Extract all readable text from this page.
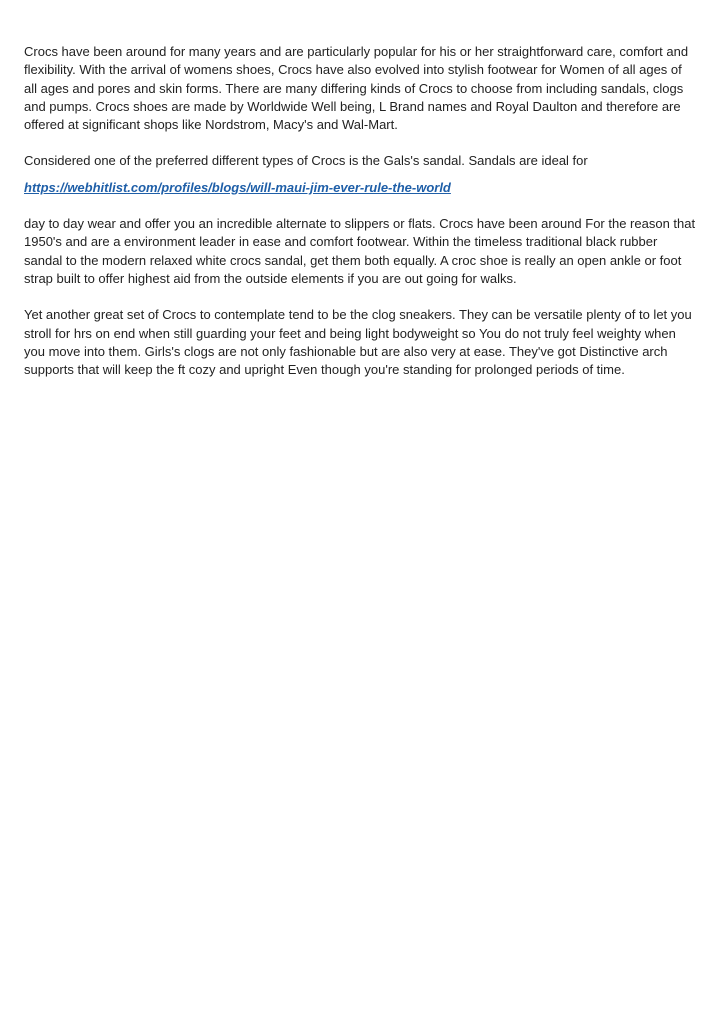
Crocs have been around for many years and are particularly popular for his or her straightforward care, comfort and flexibility. With the arrival of womens shoes, Crocs have also evolved into stylish footwear for Women of all ages of all ages and pores and skin forms. There are many differing kinds of Crocs to choose from including sandals, clogs and pumps. Crocs shoes are made by Worldwide Well being, L Brand names and Royal Daulton and therefore are offered at significant shops like Nordstrom, Macy's and Wal-Mart.

Considered one of the preferred different types of Crocs is the Gals's sandal. Sandals are ideal for

https://webhitlist.com/profiles/blogs/will-maui-jim-ever-rule-the-world

day to day wear and offer you an incredible alternate to slippers or flats. Crocs have been around For the reason that 1950's and are a environment leader in ease and comfort footwear. Within the timeless traditional black rubber sandal to the modern relaxed white crocs sandal, get them both equally. A croc shoe is really an open ankle or foot strap built to offer highest aid from the outside elements if you are out going for walks.

Yet another great set of Crocs to contemplate tend to be the clog sneakers. They can be versatile plenty of to let you stroll for hrs on end when still guarding your feet and being light bodyweight so You do not truly feel weighty when you move into them. Girls's clogs are not only fashionable but are also very at ease. They've got Distinctive arch supports that will keep the ft cozy and upright Even though you're standing for prolonged periods of time.
